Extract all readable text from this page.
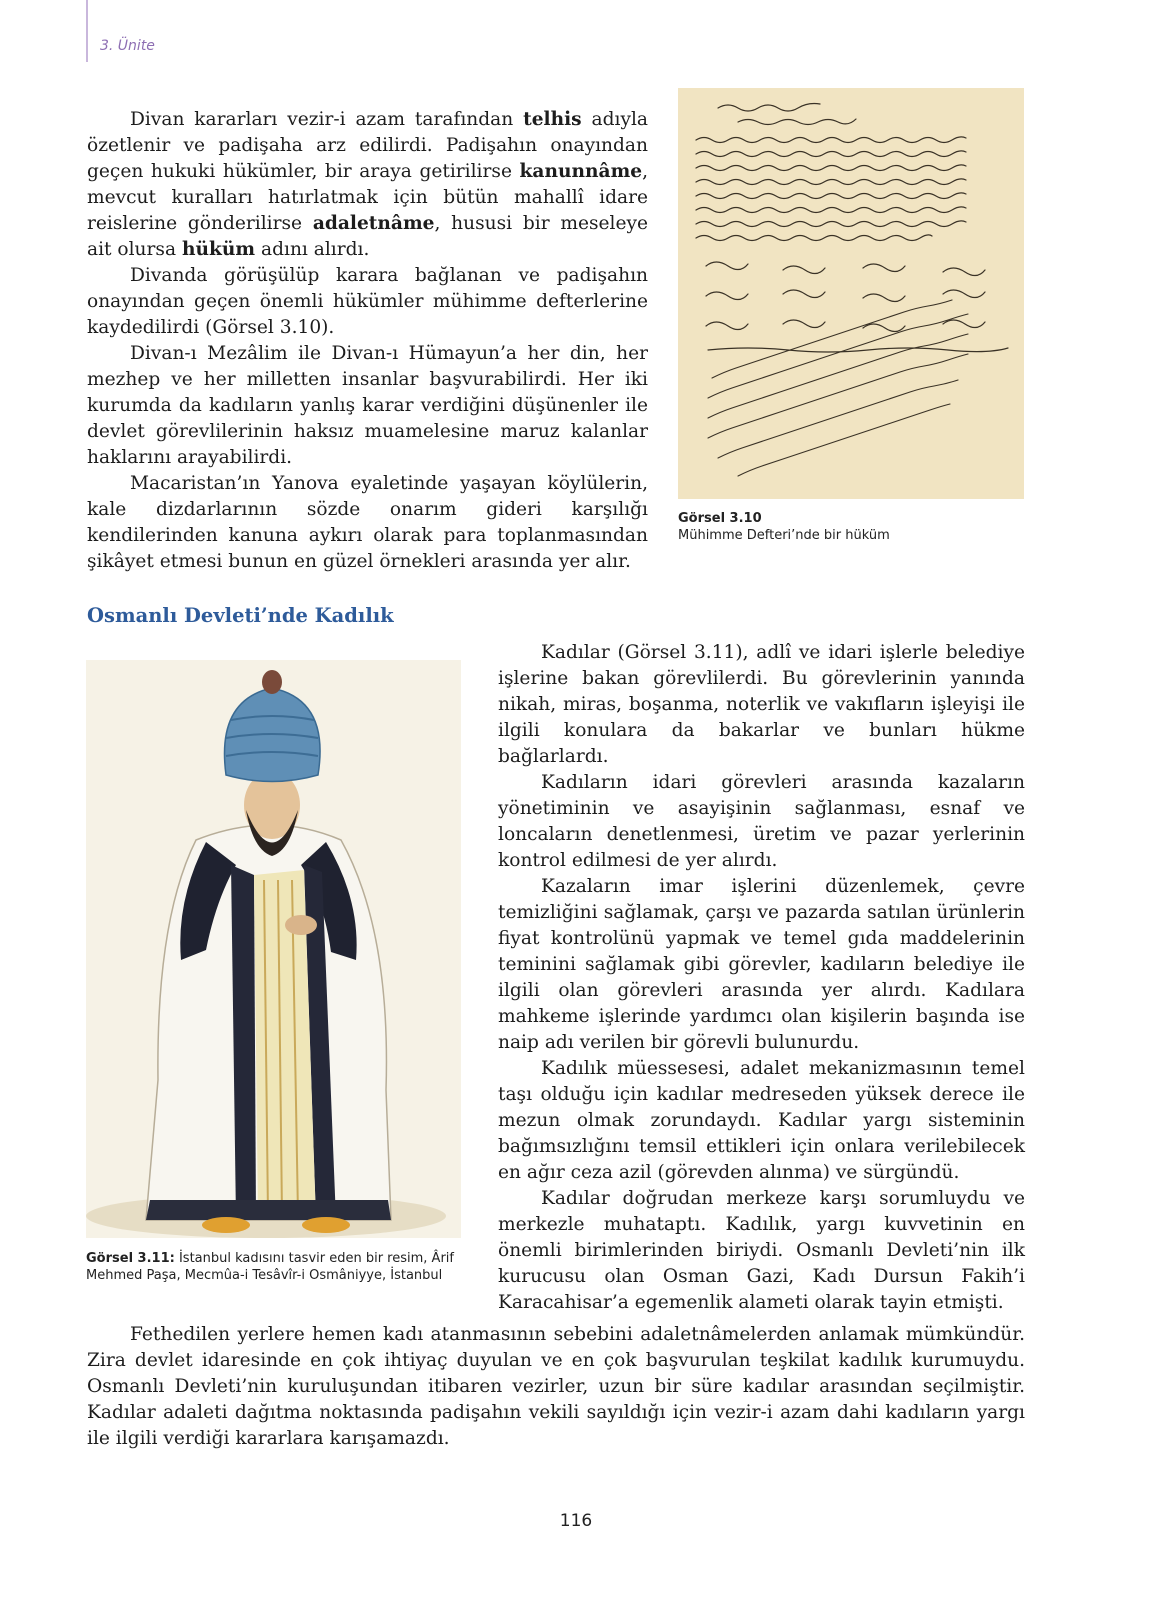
3. Ünite

Divan kararları vezir-i azam tarafından telhis adıyla özetlenir ve padişaha arz edilirdi. Padişahın onayından geçen hukuki hükümler, bir araya getirilirse kanunnâme, mevcut kuralları hatırlatmak için bütün mahallî idare reislerine gönderilirse adaletnâme, hususi bir meseleye ait olursa hüküm adını alırdı.

Divanda görüşülüp karara bağlanan ve padişahın onayından geçen önemli hükümler mühimme defterlerine kaydedilirdi (Görsel 3.10).

Divan-ı Mezâlim ile Divan-ı Hümayun’a her din, her mezhep ve her milletten insanlar başvurabilirdi. Her iki kurumda da kadıların yanlış karar verdiğini düşünenler ile devlet görevlilerinin haksız muamelesine maruz kalanlar haklarını arayabilirdi.

Macaristan’ın Yanova eyaletinde yaşayan köylülerin, kale dizdarlarının sözde onarım gideri karşılığı kendilerinden kanuna aykırı olarak para toplanmasından şikâyet etmesi bunun en güzel örnekleri arasında yer alır.

Görsel 3.10
Mühimme Defteri’nde bir hüküm
Osmanlı Devleti’nde Kadılık
Görsel 3.11: İstanbul kadısını tasvir eden bir resim, Ârif Mehmed Paşa, Mecmûa-i Tesâvîr-i Osmâniyye, İstanbul

Kadılar (Görsel 3.11), adlî ve idari işlerle belediye işlerine bakan görevlilerdi. Bu görevlerinin yanında nikah, miras, boşanma, noterlik ve vakıfların işleyişi ile ilgili konulara da bakarlar ve bunları hükme bağlarlardı.

Kadıların idari görevleri arasında kazaların yönetiminin ve asayişinin sağlanması, esnaf ve loncaların denetlenmesi, üretim ve pazar yerlerinin kontrol edilmesi de yer alırdı.

Kazaların imar işlerini düzenlemek, çevre temizliğini sağlamak, çarşı ve pazarda satılan ürünlerin fiyat kontrolünü yapmak ve temel gıda maddelerinin teminini sağlamak gibi görevler, kadıların belediye ile ilgili olan görevleri arasında yer alırdı. Kadılara mahkeme işlerinde yardımcı olan kişilerin başında ise naip adı verilen bir görevli bulunurdu.

Kadılık müessesesi, adalet mekanizmasının temel taşı olduğu için kadılar medreseden yüksek derece ile mezun olmak zorundaydı. Kadılar yargı sisteminin bağımsızlığını temsil ettikleri için onlara verilebilecek en ağır ceza azil (görevden alınma) ve sürgündü.

Kadılar doğrudan merkeze karşı sorumluydu ve merkezle muhataptı. Kadılık, yargı kuvvetinin en önemli birimlerinden biriydi. Osmanlı Devleti’nin ilk kurucusu olan Osman Gazi, Kadı Dursun Fakih’i Karacahisar’a egemenlik alameti olarak tayin etmişti.

Fethedilen yerlere hemen kadı atanmasının sebebini adaletnâmelerden anlamak mümkündür. Zira devlet idaresinde en çok ihtiyaç duyulan ve en çok başvurulan teşkilat kadılık kurumuydu. Osmanlı Devleti’nin kuruluşundan itibaren vezirler, uzun bir süre kadılar arasından seçilmiştir. Kadılar adaleti dağıtma noktasında padişahın vekili sayıldığı için vezir-i azam dahi kadıların yargı ile ilgili verdiği kararlara karışamazdı.

116
